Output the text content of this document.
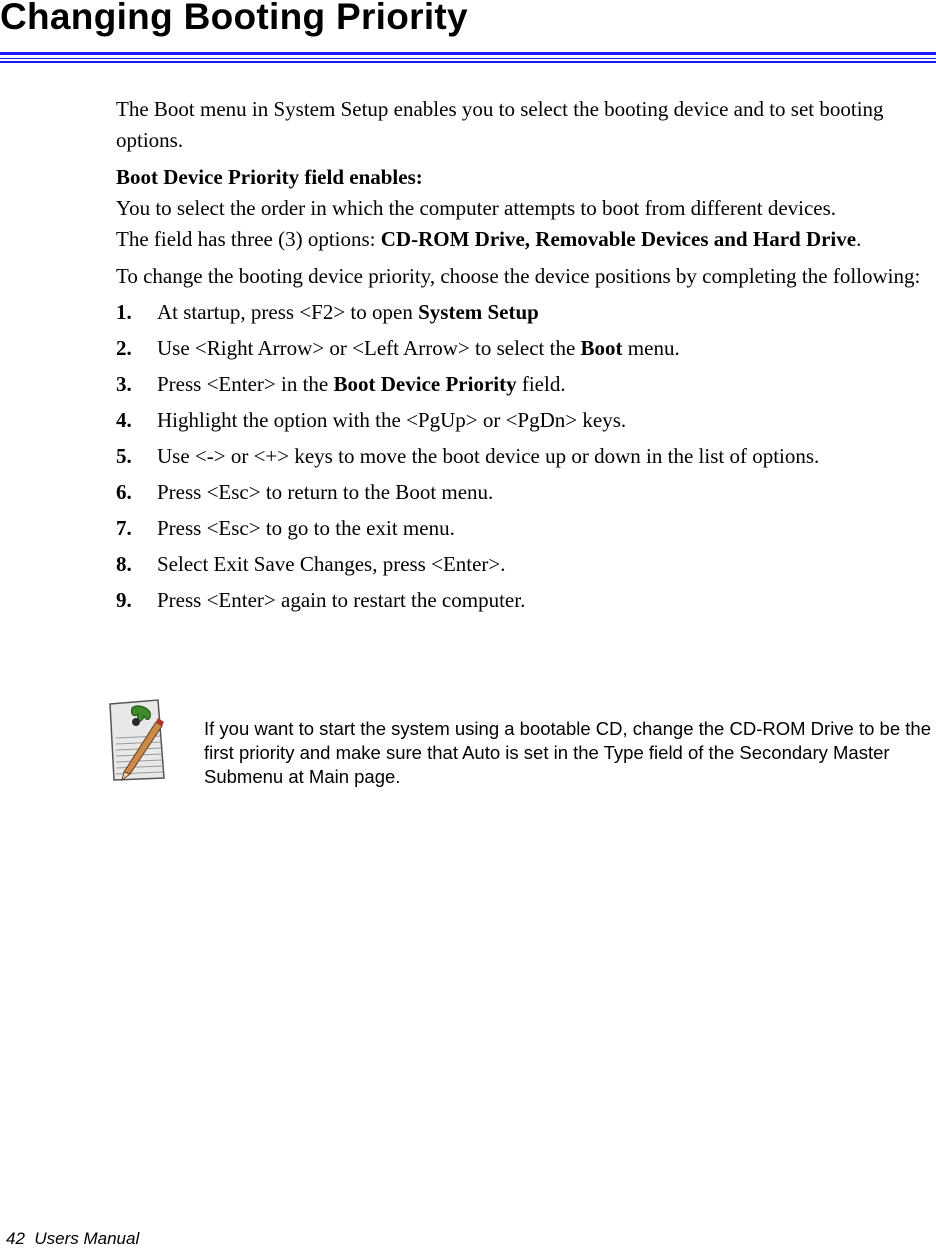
Changing Booting Priority

The Boot menu in System Setup enables you to select the booting device and to set booting options.

Boot Device Priority field enables:

You to select the order in which the computer attempts to boot from different devices.
The field has three (3) options: CD-ROM Drive, Removable Devices and Hard Drive.

To change the booting device priority, choose the device positions by completing the following:

1.	At startup, press <F2> to open System Setup
2.	Use <Right Arrow> or <Left Arrow> to select the Boot menu.
3.	Press <Enter> in the Boot Device Priority field.
4.	Highlight the option with the <PgUp> or <PgDn> keys.
5.	Use <-> or <+> keys to move the boot device up or down in the list of options.
6.	Press <Esc> to return to the Boot menu.
7.	Press <Esc> to go to the exit menu.
8.	Select Exit Save Changes, press <Enter>.
9.	Press <Enter> again to restart the computer.

If you want to start the system using a bootable CD, change the CD-ROM Drive to be the first priority and make sure that Auto is set in the Type field of the Secondary Master Submenu at Main page.

42 Users Manual
